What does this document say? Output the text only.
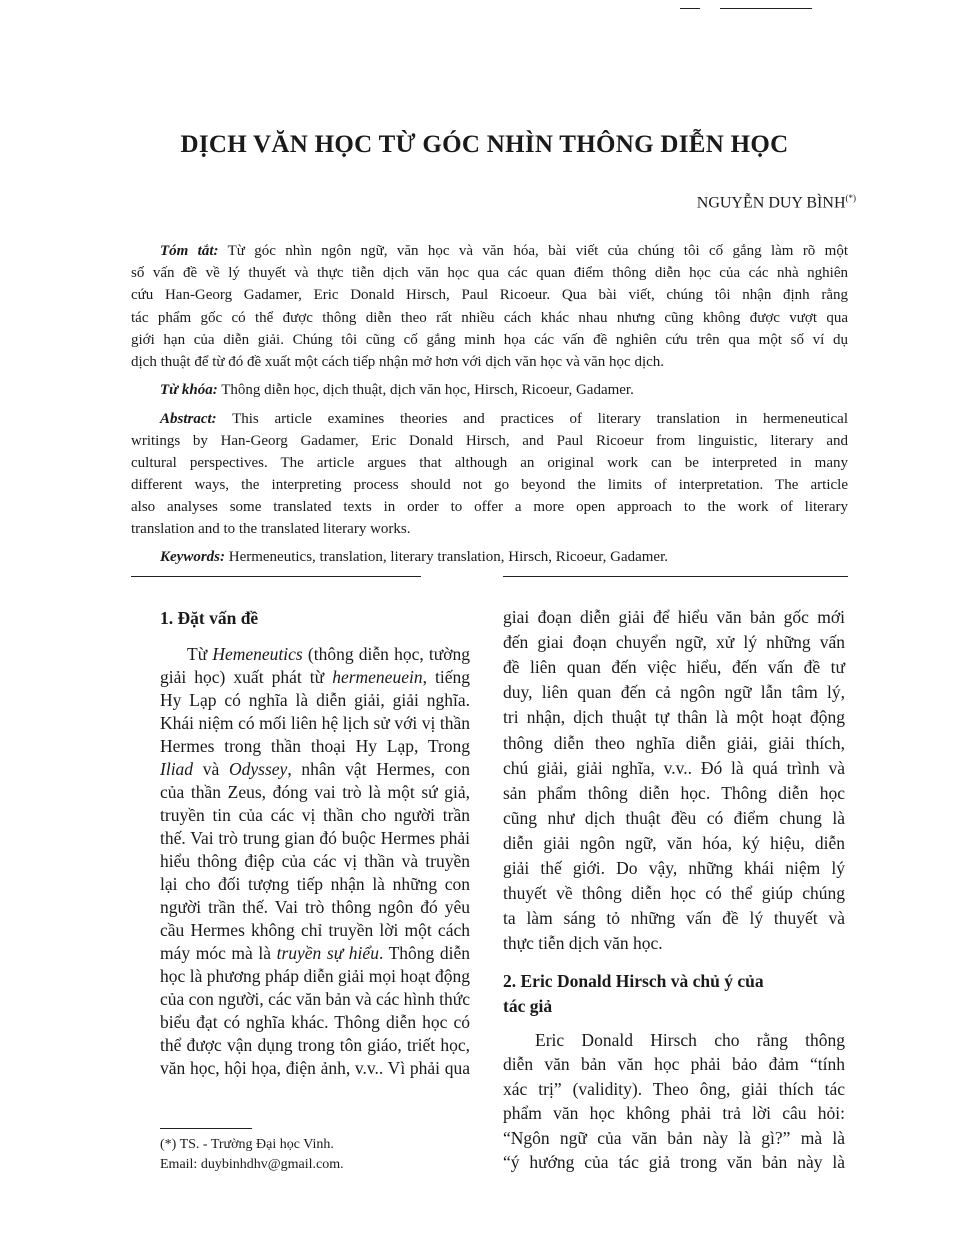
DỊCH VĂN HỌC TỪ GÓC NHÌN THÔNG DIỄN HỌC
NGUYỄN DUY BÌNH(*)
Tóm tắt: Từ góc nhìn ngôn ngữ, văn học và văn hóa, bài viết của chúng tôi cố gắng làm rõ một
số vấn đề về lý thuyết và thực tiễn dịch văn học qua các quan điểm thông diễn học của các nhà nghiên
cứu Han-Georg Gadamer, Eric Donald Hirsch, Paul Ricoeur. Qua bài viết, chúng tôi nhận định rằng
tác phẩm gốc có thể được thông diễn theo rất nhiều cách khác nhau nhưng cũng không được vượt qua
giới hạn của diễn giải. Chúng tôi cũng cố gắng minh họa các vấn đề nghiên cứu trên qua một số ví dụ
dịch thuật để từ đó đề xuất một cách tiếp nhận mở hơn với dịch văn học và văn học dịch.
Từ khóa: Thông diễn học, dịch thuật, dịch văn học, Hirsch, Ricoeur, Gadamer.
Abstract: This article examines theories and practices of literary translation in hermeneutical
writings by Han-Georg Gadamer, Eric Donald Hirsch, and Paul Ricoeur from linguistic, literary and
cultural perspectives. The article argues that although an original work can be interpreted in many
different ways, the interpreting process should not go beyond the limits of interpretation. The article
also analyses some translated texts in order to offer a more open approach to the work of literary
translation and to the translated literary works.
Keywords: Hermeneutics, translation, literary translation, Hirsch, Ricoeur, Gadamer.
Từ Hemeneutics (thông diễn học, tường
giải học) xuất phát từ hermeneuein, tiếng
Hy Lạp có nghĩa là diễn giải, giải nghĩa.
Khái niệm có mối liên hệ lịch sử với vị thần
Hermes trong thần thoại Hy Lạp, Trong
Iliad và Odyssey, nhân vật Hermes, con
của thần Zeus, đóng vai trò là một sứ giả,
truyền tin của các vị thần cho người trần
thế. Vai trò trung gian đó buộc Hermes phải
hiểu thông điệp của các vị thần và truyền
lại cho đối tượng tiếp nhận là những con
người trần thế. Vai trò thông ngôn đó yêu
cầu Hermes không chỉ truyền lời một cách
máy móc mà là truyền sự hiểu. Thông diễn
học là phương pháp diễn giải mọi hoạt động
của con người, các văn bản và các hình thức
biểu đạt có nghĩa khác. Thông diễn học có
thể được vận dụng trong tôn giáo, triết học,
văn học, hội họa, điện ảnh, v.v.. Vì phải qua
giai đoạn diễn giải để hiểu văn bản gốc mới
đến giai đoạn chuyển ngữ, xử lý những vấn
đề liên quan đến việc hiểu, đến vấn đề tư
duy, liên quan đến cả ngôn ngữ lẫn tâm lý,
tri nhận, dịch thuật tự thân là một hoạt động
thông diễn theo nghĩa diễn giải, giải thích,
chú giải, giải nghĩa, v.v.. Đó là quá trình và
sản phẩm thông diễn học. Thông diễn học
cũng như dịch thuật đều có điểm chung là
diễn giải ngôn ngữ, văn hóa, ký hiệu, diễn
giải thế giới. Do vậy, những khái niệm lý
thuyết về thông diễn học có thể giúp chúng
ta làm sáng tỏ những vấn đề lý thuyết và
thực tiễn dịch văn học.
Eric Donald Hirsch cho rằng thông
diễn văn bản văn học phải bảo đảm “tính
xác trị” (validity). Theo ông, giải thích tác
phẩm văn học không phải trả lời câu hỏi:
“Ngôn ngữ của văn bản này là gì?” mà là
“ý hướng của tác giả trong văn bản này là
1. Đặt vấn đề
2. Eric Donald Hirsch và chủ ý của
tác giả
(*) TS. - Trường Đại học Vinh.
Email: duybinhdhv@gmail.com.
